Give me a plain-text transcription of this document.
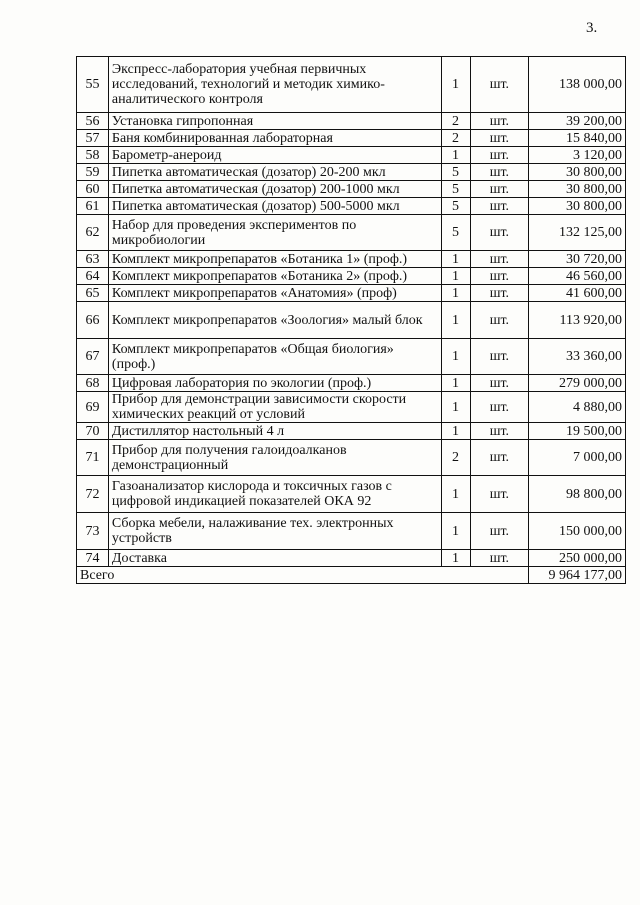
3.
55	Экспресс-лаборатория учебная первичных исследований, технологий и методик химико-аналитического контроля	1	шт.	138 000,00
56	Установка гипропонная	2	шт.	39 200,00
57	Баня комбинированная лабораторная	2	шт.	15 840,00
58	Барометр-анероид	1	шт.	3 120,00
59	Пипетка автоматическая (дозатор) 20-200 мкл	5	шт.	30 800,00
60	Пипетка автоматическая (дозатор) 200-1000 мкл	5	шт.	30 800,00
61	Пипетка автоматическая (дозатор) 500-5000 мкл	5	шт.	30 800,00
62	Набор для проведения экспериментов по микробиологии	5	шт.	132 125,00
63	Комплект микропрепаратов «Ботаника 1» (проф.)	1	шт.	30 720,00
64	Комплект микропрепаратов «Ботаника 2» (проф.)	1	шт.	46 560,00
65	Комплект микропрепаратов «Анатомия» (проф)	1	шт.	41 600,00
66	Комплект микропрепаратов «Зоология» малый блок	1	шт.	113 920,00
67	Комплект микропрепаратов «Общая биология» (проф.)	1	шт.	33 360,00
68	Цифровая лаборатория по экологии (проф.)	1	шт.	279 000,00
69	Прибор для демонстрации зависимости скорости химических реакций от условий	1	шт.	4 880,00
70	Дистиллятор настольный 4 л	1	шт.	19 500,00
71	Прибор для получения галоидоалканов демонстрационный	2	шт.	7 000,00
72	Газоанализатор кислорода и токсичных газов с цифровой индикацией показателей ОКА 92	1	шт.	98 800,00
73	Сборка мебели, налаживание тех. электронных устройств	1	шт.	150 000,00
74	Доставка	1	шт.	250 000,00
Всего				9 964 177,00
